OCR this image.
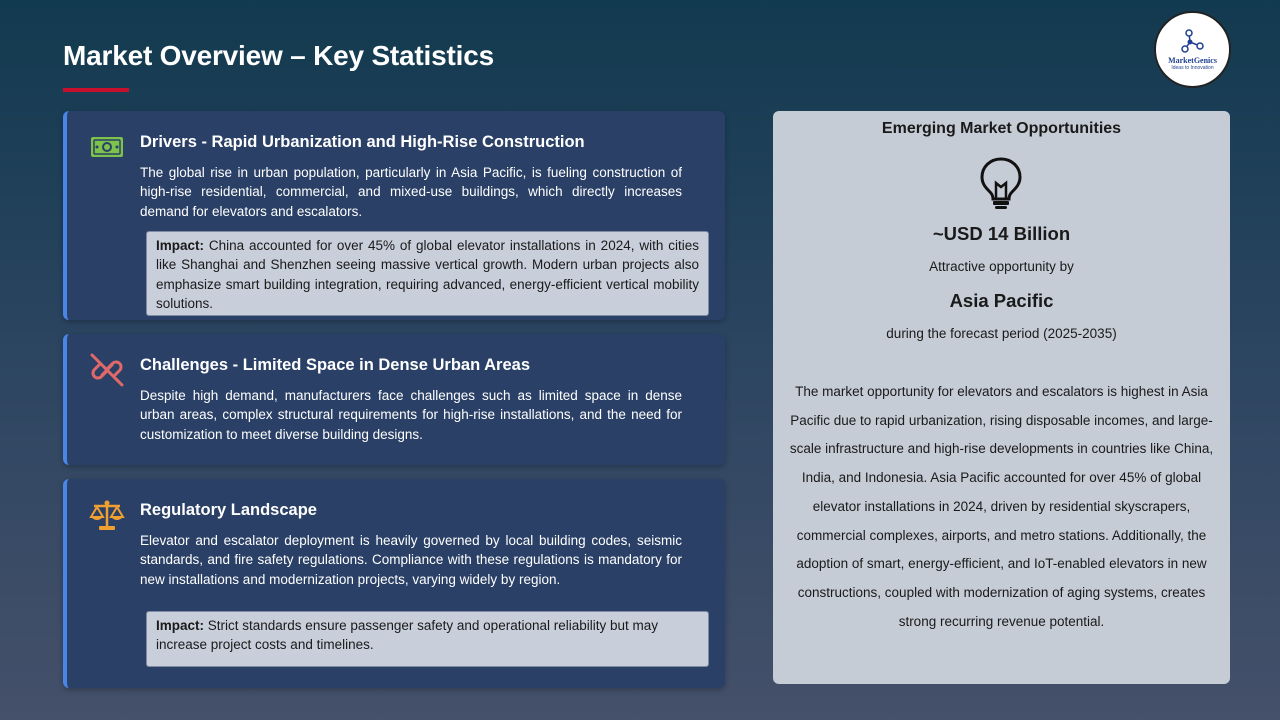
Market Overview – Key Statistics	MarketGenics
Ideas to Innovation
Drivers - Rapid Urbanization and High-Rise Construction
The global rise in urban population, particularly in Asia Pacific, is fueling construction of high-rise residential, commercial, and mixed-use buildings, which directly increases demand for elevators and escalators.
Impact: China accounted for over 45% of global elevator installations in 2024, with cities like Shanghai and Shenzhen seeing massive vertical growth. Modern urban projects also emphasize smart building integration, requiring advanced, energy-efficient vertical mobility solutions.
Challenges - Limited Space in Dense Urban Areas
Despite high demand, manufacturers face challenges such as limited space in dense urban areas, complex structural requirements for high-rise installations, and the need for customization to meet diverse building designs.
Regulatory Landscape
Elevator and escalator deployment is heavily governed by local building codes, seismic standards, and fire safety regulations. Compliance with these regulations is mandatory for new installations and modernization projects, varying widely by region.
Impact: Strict standards ensure passenger safety and operational reliability but may increase project costs and timelines.
Emerging Market Opportunities
~USD 14 Billion
Attractive opportunity by
Asia Pacific
during the forecast period (2025-2035)
The market opportunity for elevators and escalators is highest in Asia Pacific due to rapid urbanization, rising disposable incomes, and large-scale infrastructure and high-rise developments in countries like China, India, and Indonesia. Asia Pacific accounted for over 45% of global elevator installations in 2024, driven by residential skyscrapers, commercial complexes, airports, and metro stations. Additionally, the adoption of smart, energy-efficient, and IoT-enabled elevators in new constructions, coupled with modernization of aging systems, creates strong recurring revenue potential.
